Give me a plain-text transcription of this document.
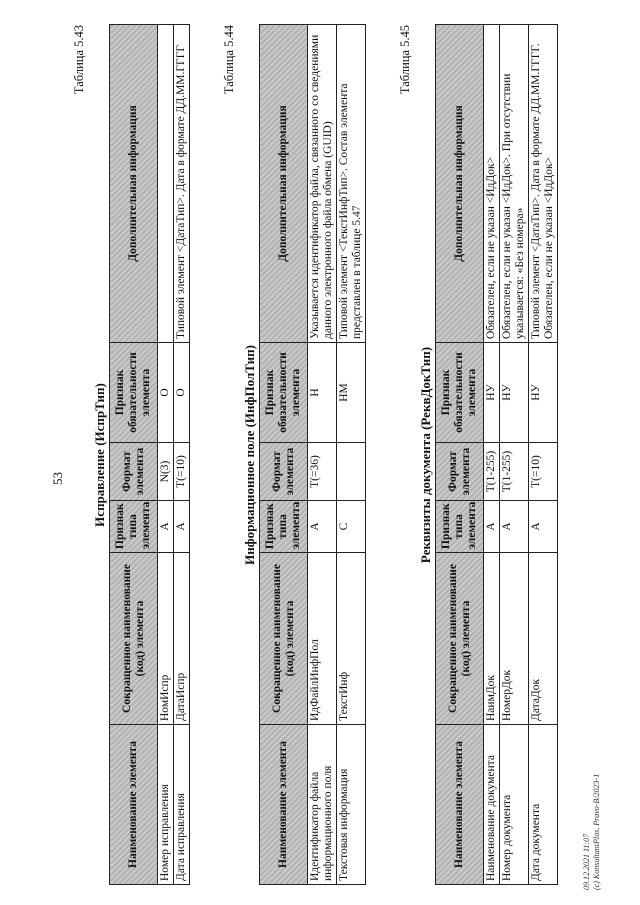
53
Таблица 5.43
Исправление (ИспрТип)
Наименование элемента	Сокращенное наименование (код) элемента	Признак типа элемента	Формат элемента	Признак обязательности элемента	Дополнительная информация
Номер исправления	НомИспр	А	N(3)	О	
Дата исправления	ДатаИспр	А	Т(=10)	О	Типовой элемент <ДатаТип>. Дата в формате ДД.ММ.ГГГГ	Таблица 5.44
Информационное поле (ИнфПолТип)
Наименование элемента	Сокращенное наименование (код) элемента	Признак типа элемента	Формат элемента	Признак обязательности элемента	Дополнительная информация
Идентификатор файла информационного поля	ИдФайлИнфПол	А	Т(=36)	Н	Указывается идентификатор файла, связанного со сведениями данного электронного файла обмена (GUID)
Текстовая информация	ТекстИнф	С		НМ	Типовой элемент <ТекстИнфТип>. Состав элемента представлен в таблице 5.47
Таблица 5.45
Реквизиты документа (РеквДокТип)
Наименование элемента	Сокращенное наименование (код) элемента	Признак типа элемента	Формат элемента	Признак обязательности элемента	Дополнительная информация
Наименование документа	НаимДок	А	Т(1-255)	НУ	Обязателен, если не указан <ИдДок>
Номер документа	НомерДок	А	Т(1-255)	НУ	Обязателен, если не указан <ИдДок>. При отсутствии указывается: «Без номера»
Дата документа	ДатаДок	А	Т(=10)	НУ	Типовой элемент <ДатаТип>. Дата в формате ДД.ММ.ГГГГ. Обязателен, если не указан <ИдДок>
09.12.2021 11:07 (c) KonsultantPlus, Pravo-B/2023-1
